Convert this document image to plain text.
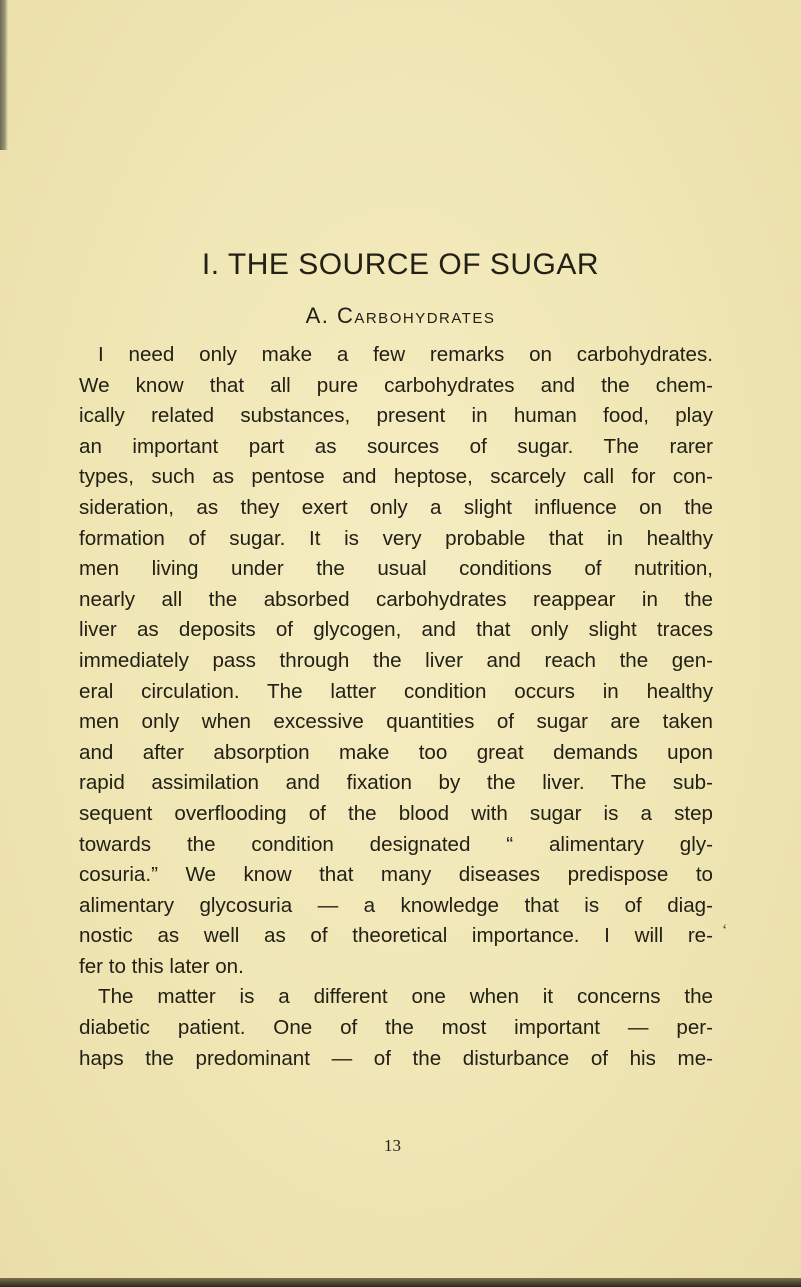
I. THE SOURCE OF SUGAR
A. Carbohydrates
I need only make a few remarks on carbohydrates.
We know that all pure carbohydrates and the chem-
ically related substances, present in human food, play
an important part as sources of sugar. The rarer
types, such as pentose and heptose, scarcely call for con-
sideration, as they exert only a slight influence on the
formation of sugar. It is very probable that in healthy
men living under the usual conditions of nutrition,
nearly all the absorbed carbohydrates reappear in the
liver as deposits of glycogen, and that only slight traces
immediately pass through the liver and reach the gen-
eral circulation. The latter condition occurs in healthy
men only when excessive quantities of sugar are taken
and after absorption make too great demands upon
rapid assimilation and fixation by the liver. The sub-
sequent overflooding of the blood with sugar is a step
towards the condition designated “ alimentary gly-
cosuria.” We know that many diseases predispose to
alimentary glycosuria — a knowledge that is of diag-
nostic as well as of theoretical importance. I will re-
fer to this later on.
The matter is a different one when it concerns the
diabetic patient. One of the most important — per-
haps the predominant — of the disturbance of his me-
‘
13
